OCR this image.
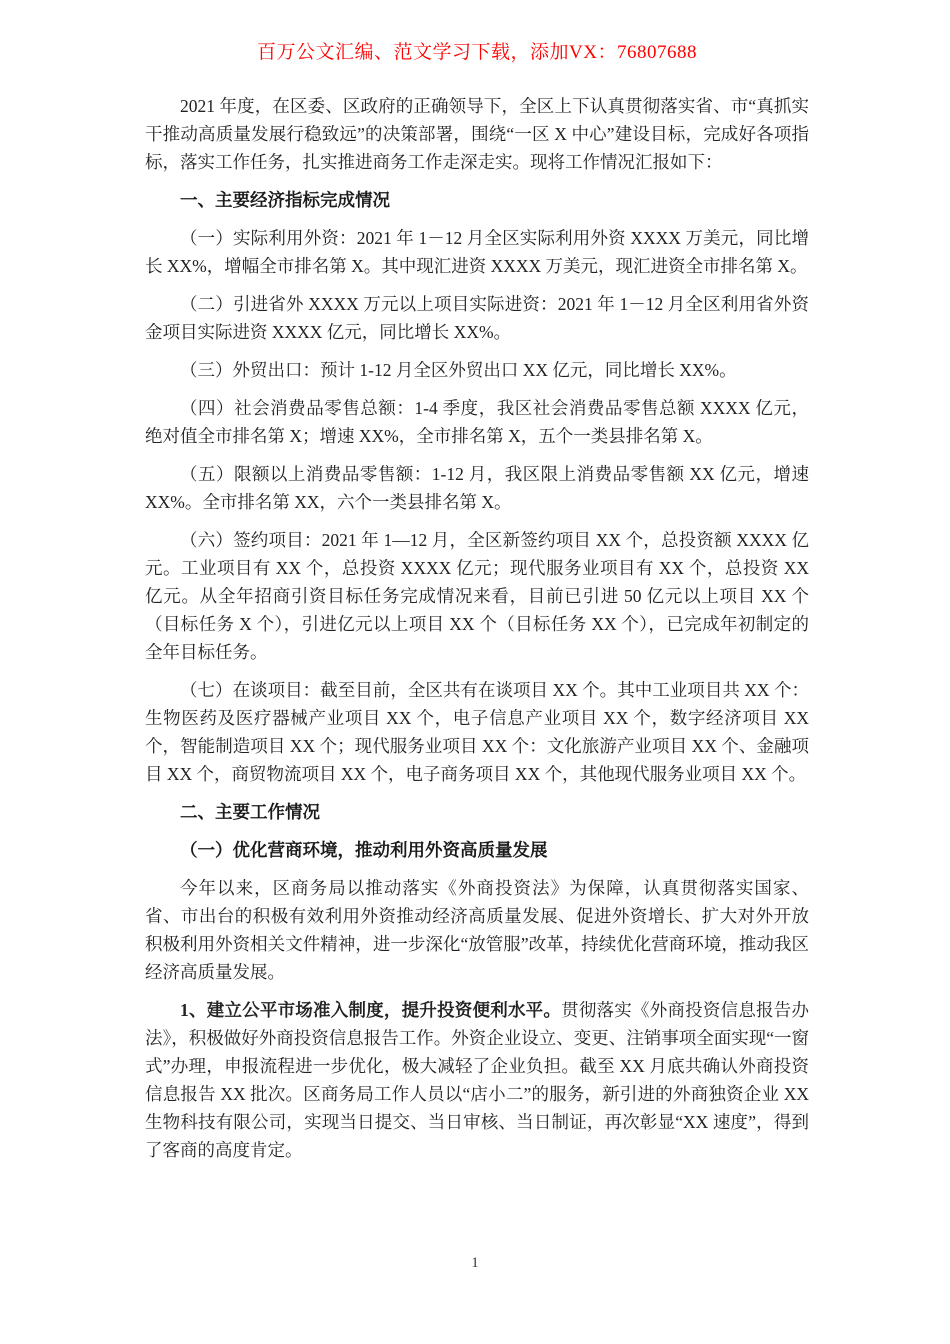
百万公文汇编、范文学习下载，添加VX：76807688

2021 年度，在区委、区政府的正确领导下，全区上下认真贯彻落实省、市“真抓实干推动高质量发展行稳致远”的决策部署，围绕“一区 X 中心”建设目标，完成好各项指标，落实工作任务，扎实推进商务工作走深走实。现将工作情况汇报如下：

一、主要经济指标完成情况

（一）实际利用外资：2021 年 1－12 月全区实际利用外资 XXXX 万美元，同比增长 XX%，增幅全市排名第 X。其中现汇进资 XXXX 万美元，现汇进资全市排名第 X。

（二）引进省外 XXXX 万元以上项目实际进资：2021 年 1－12 月全区利用省外资金项目实际进资 XXXX 亿元，同比增长 XX%。

（三）外贸出口：预计 1-12 月全区外贸出口 XX 亿元，同比增长 XX%。

（四）社会消费品零售总额：1-4 季度，我区社会消费品零售总额 XXXX 亿元，绝对值全市排名第 X；增速 XX%，全市排名第 X，五个一类县排名第 X。

（五）限额以上消费品零售额：1-12 月，我区限上消费品零售额 XX 亿元，增速 XX%。全市排名第 XX，六个一类县排名第 X。

（六）签约项目：2021 年 1—12 月，全区新签约项目 XX 个，总投资额 XXXX 亿元。工业项目有 XX 个，总投资 XXXX 亿元；现代服务业项目有 XX 个，总投资 XX 亿元。从全年招商引资目标任务完成情况来看，目前已引进 50 亿元以上项目 XX 个（目标任务 X 个），引进亿元以上项目 XX 个（目标任务 XX 个），已完成年初制定的全年目标任务。

（七）在谈项目：截至目前，全区共有在谈项目 XX 个。其中工业项目共 XX 个：生物医药及医疗器械产业项目 XX 个，电子信息产业项目 XX 个，数字经济项目 XX 个，智能制造项目 XX 个；现代服务业项目 XX 个：文化旅游产业项目 XX 个、金融项目 XX 个，商贸物流项目 XX 个，电子商务项目 XX 个，其他现代服务业项目 XX 个。

二、主要工作情况

（一）优化营商环境，推动利用外资高质量发展

今年以来，区商务局以推动落实《外商投资法》为保障，认真贯彻落实国家、省、市出台的积极有效利用外资推动经济高质量发展、促进外资增长、扩大对外开放积极利用外资相关文件精神，进一步深化“放管服”改革，持续优化营商环境，推动我区经济高质量发展。

1、建立公平市场准入制度，提升投资便利水平。贯彻落实《外商投资信息报告办法》，积极做好外商投资信息报告工作。外资企业设立、变更、注销事项全面实现“一窗式”办理，申报流程进一步优化，极大减轻了企业负担。截至 XX 月底共确认外商投资信息报告 XX 批次。区商务局工作人员以“店小二”的服务，新引进的外商独资企业 XX 生物科技有限公司，实现当日提交、当日审核、当日制证，再次彰显“XX 速度”，得到了客商的高度肯定。

1
